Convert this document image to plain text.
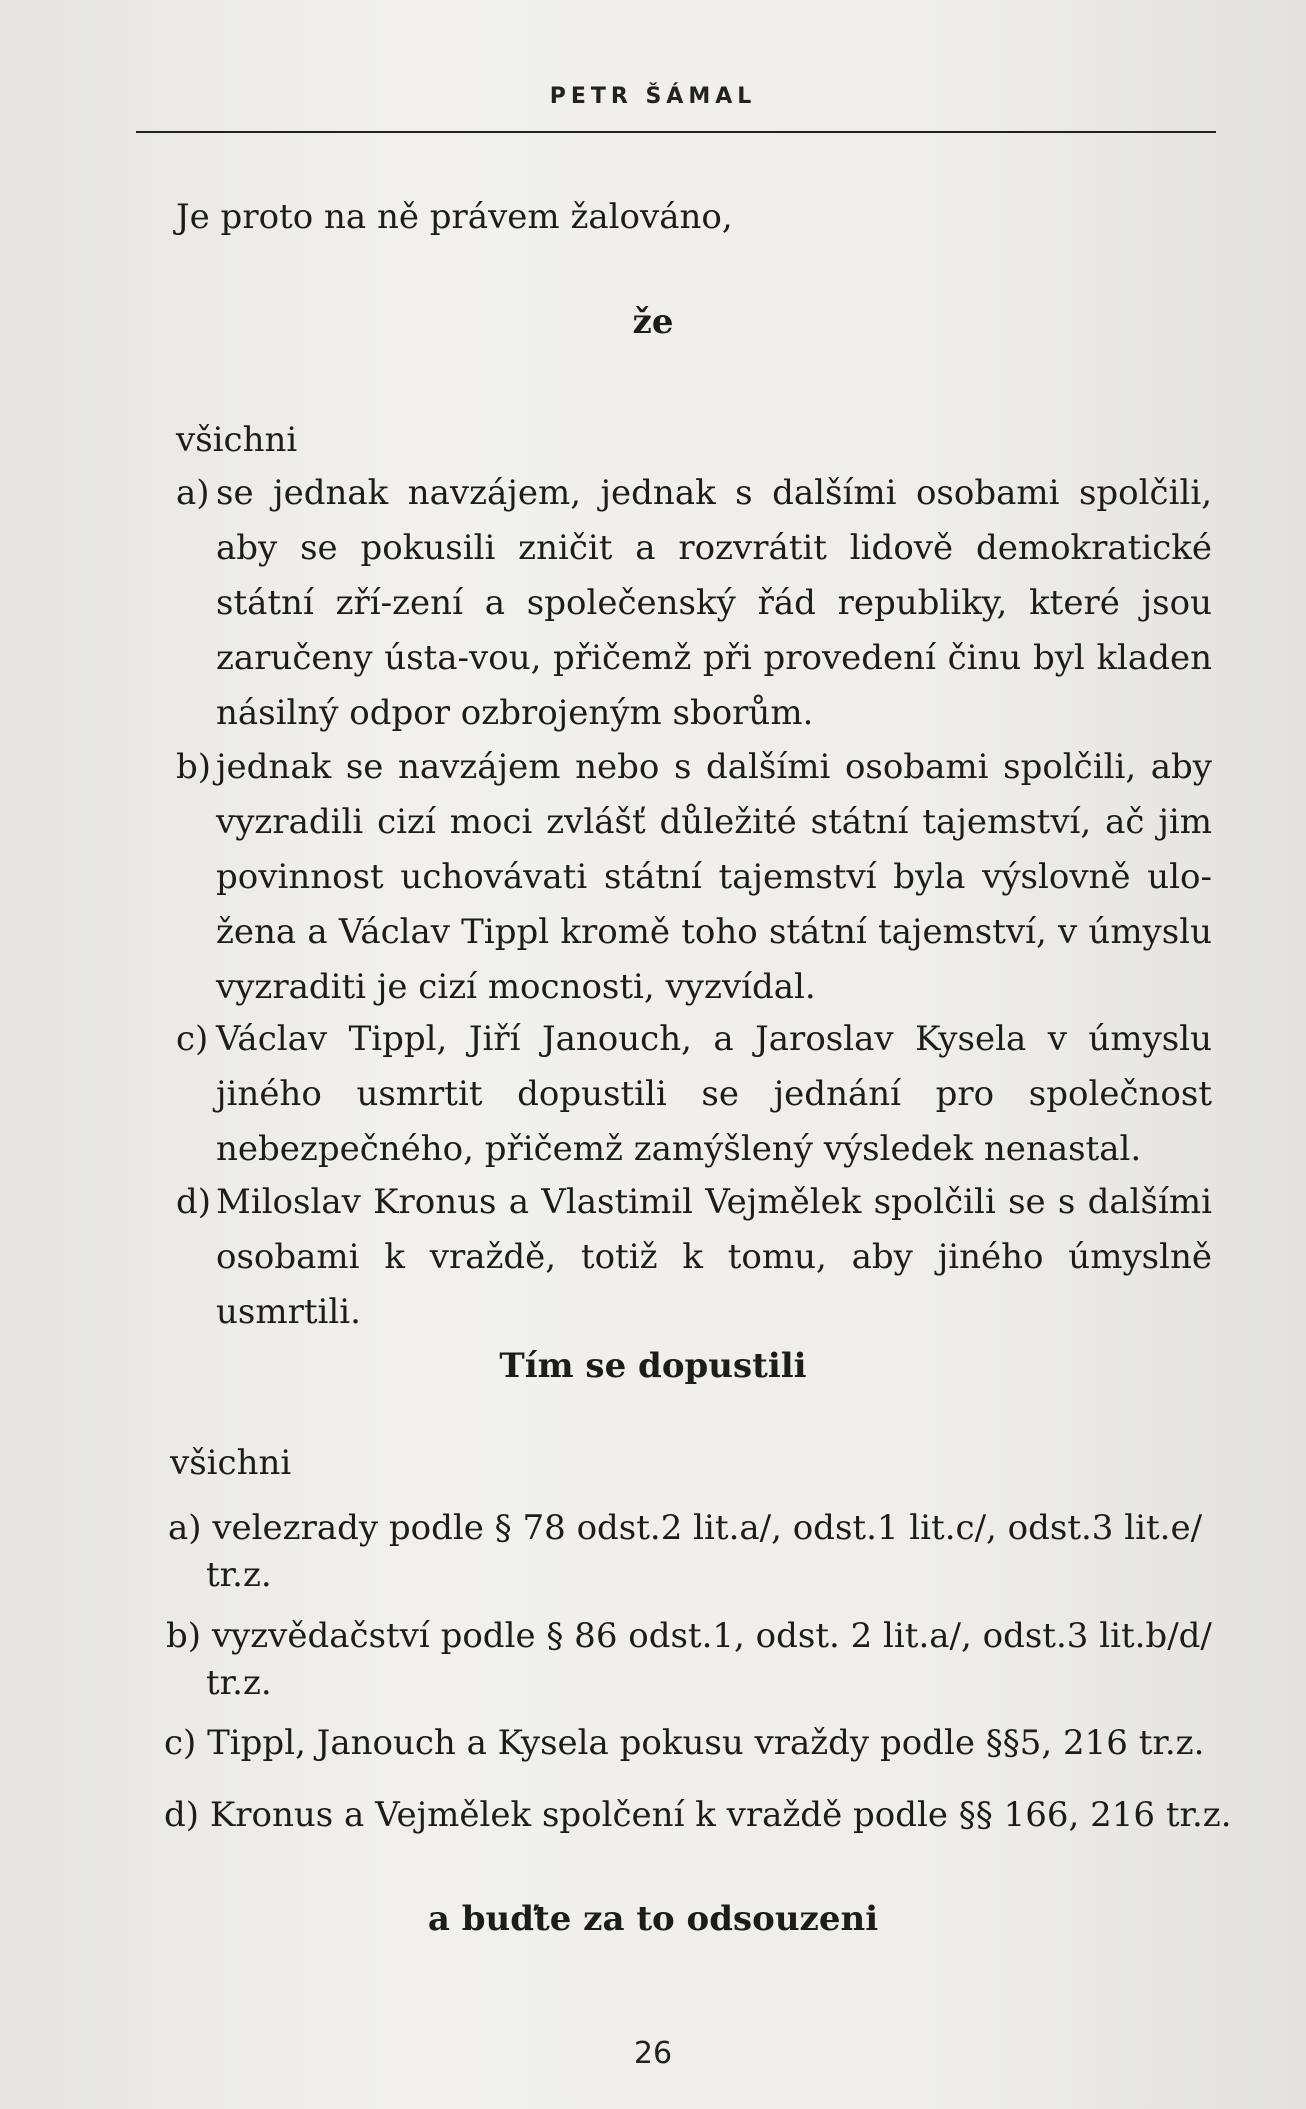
PETR ŠÁMAL
Je proto na ně právem žalováno,
že
všichni
a) se jednak navzájem, jednak s dalšími osobami spolčili, aby se pokusili zničit a rozvrátit lidově demokratické státní zří-zení a společenský řád republiky, které jsou zaručeny ústa-vou, přičemž při provedení činu byl kladen násilný odpor ozbrojeným sborům.
b) jednak se navzájem nebo s dalšími osobami spolčili, aby vyzradili cizí moci zvlášť důležité státní tajemství, ač jim povinnost uchovávati státní tajemství byla výslovně ulo-žena a Václav Tippl kromě toho státní tajemství, v úmyslu vyzraditi je cizí mocnosti, vyzvídal.
c) Václav Tippl, Jiří Janouch, a Jaroslav Kysela v úmyslu jiného usmrtit dopustili se jednání pro společnost nebezpečného, přičemž zamýšlený výsledek nenastal.
d) Miloslav Kronus a Vlastimil Vejmělek spolčili se s dalšími osobami k vraždě, totiž k tomu, aby jiného úmyslně usmrtili.
Tím se dopustili
všichni
a) velezrady podle § 78 odst.2 lit.a/, odst.1 lit.c/, odst.3 lit.e/
tr.z.
b) vyzvědačství podle § 86 odst.1, odst. 2 lit.a/, odst.3 lit.b/d/
tr.z.
c) Tippl, Janouch a Kysela pokusu vraždy podle §§5, 216 tr.z.
d) Kronus a Vejmělek spolčení k vraždě podle §§ 166, 216 tr.z.
a buďte za to odsouzeni
26
